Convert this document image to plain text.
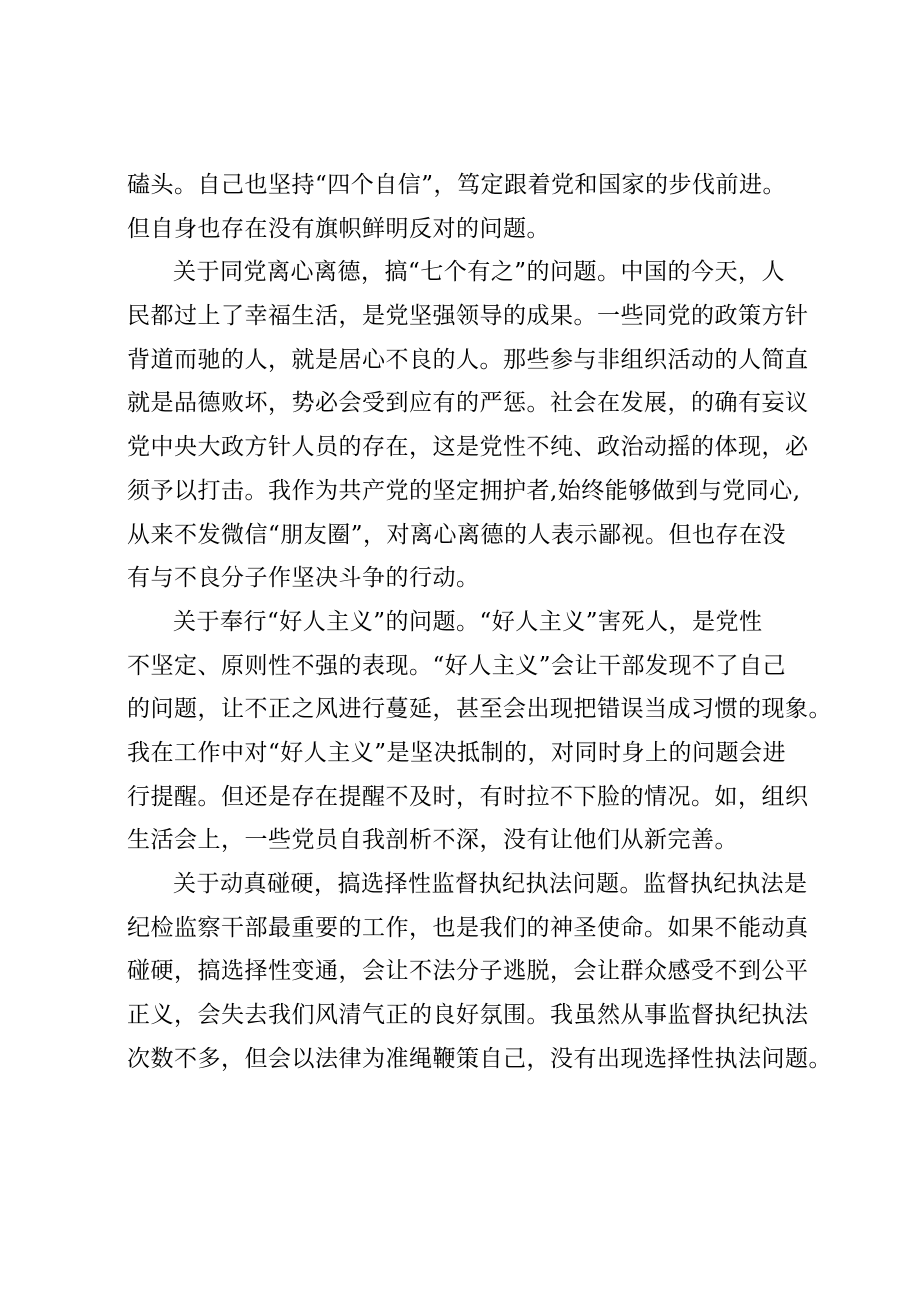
磕头。自己也坚持“四个自信”，笃定跟着党和国家的步伐前进。
但自身也存在没有旗帜鲜明反对的问题。
关于同党离心离德，搞“七个有之”的问题。中国的今天，人
民都过上了幸福生活，是党坚强领导的成果。一些同党的政策方针
背道而驰的人，就是居心不良的人。那些参与非组织活动的人简直
就是品德败坏，势必会受到应有的严惩。社会在发展，的确有妄议
党中央大政方针人员的存在，这是党性不纯、政治动摇的体现，必
须予以打击。我作为共产党的坚定拥护者,始终能够做到与党同心,
从来不发微信“朋友圈”，对离心离德的人表示鄙视。但也存在没
有与不良分子作坚决斗争的行动。
关于奉行“好人主义”的问题。“好人主义”害死人，是党性
不坚定、原则性不强的表现。“好人主义”会让干部发现不了自己
的问题，让不正之风进行蔓延，甚至会出现把错误当成习惯的现象。
我在工作中对“好人主义”是坚决抵制的，对同时身上的问题会进
行提醒。但还是存在提醒不及时，有时拉不下脸的情况。如，组织
生活会上，一些党员自我剖析不深，没有让他们从新完善。
关于动真碰硬，搞选择性监督执纪执法问题。监督执纪执法是
纪检监察干部最重要的工作，也是我们的神圣使命。如果不能动真
碰硬，搞选择性变通，会让不法分子逃脱，会让群众感受不到公平
正义，会失去我们风清气正的良好氛围。我虽然从事监督执纪执法
次数不多，但会以法律为准绳鞭策自己，没有出现选择性执法问题。
